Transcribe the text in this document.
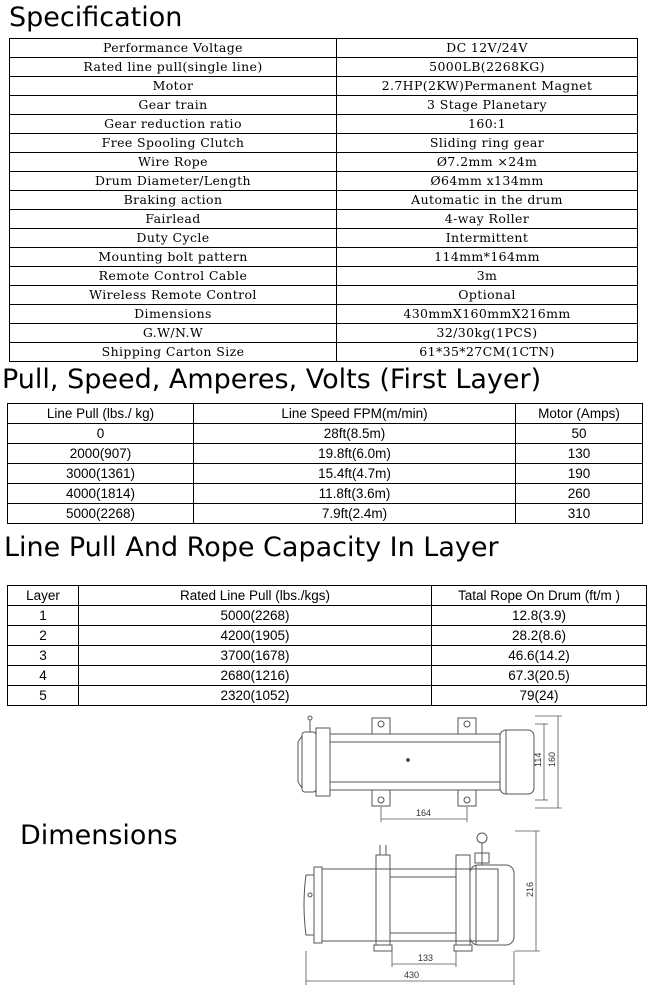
Specification
Performance Voltage	DC 12V/24V
Rated line pull(single line)	5000LB(2268KG)
Motor	2.7HP(2KW)Permanent Magnet
Gear train	3 Stage Planetary
Gear reduction ratio	160:1
Free Spooling Clutch	Sliding ring gear
Wire Rope	Ø7.2mm ×24m
Drum Diameter/Length	Ø64mm x134mm
Braking action	Automatic in the drum
Fairlead	4-way Roller
Duty Cycle	Intermittent
Mounting bolt pattern	114mm*164mm
Remote Control Cable	3m
Wireless Remote Control	Optional
Dimensions	430mmX160mmX216mm
G.W/N.W	32/30kg(1PCS)
Shipping Carton Size	61*35*27CM(1CTN)
Pull, Speed, Amperes, Volts (First Layer)
Line Pull (lbs./ kg)	Line Speed FPM(m/min)	Motor (Amps)
0	28ft(8.5m)	50
2000(907)	19.8ft(6.0m)	130
3000(1361)	15.4ft(4.7m)	190
4000(1814)	11.8ft(3.6m)	260
5000(2268)	7.9ft(2.4m)	310
Line Pull And Rope Capacity In Layer
Layer	Rated Line Pull (lbs./kgs)	Tatal Rope On Drum (ft/m )
1	5000(2268)	12.8(3.9)
2	4200(1905)	28.2(8.6)
3	3700(1678)	46.6(14.2)
4	2680(1216)	67.3(20.5)
5	2320(1052)	79(24)
Dimensions
114 160
164
216
133
430
